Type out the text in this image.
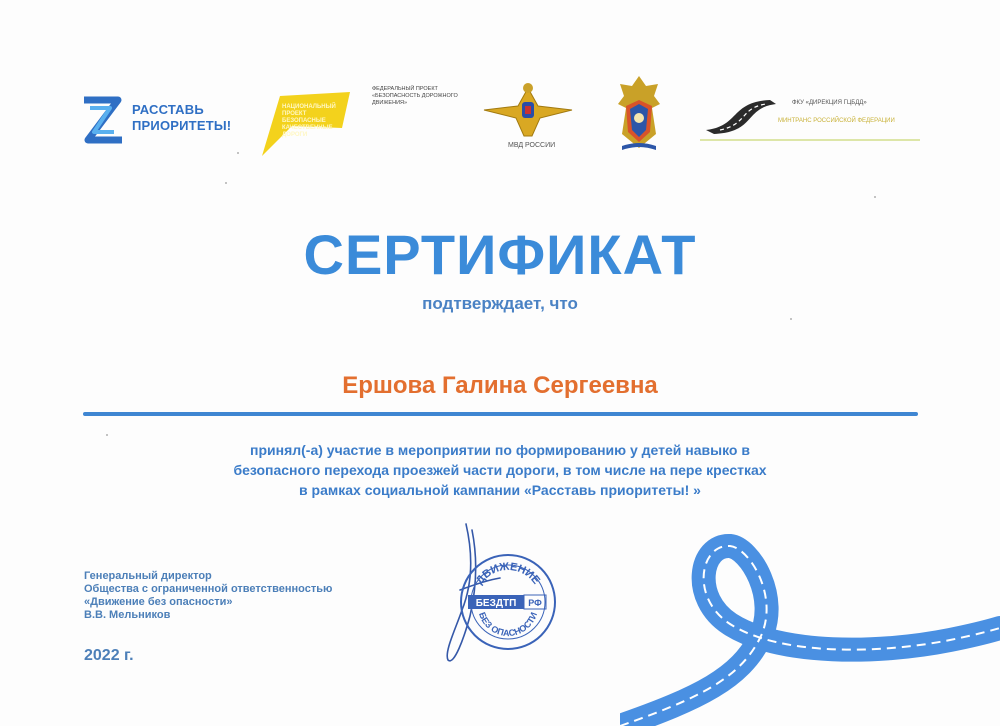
РАССТАВЬ
ПРИОРИТЕТЫ!
НАЦИОНАЛЬНЫЙ ПРОЕКТ
БЕЗОПАСНЫЕ
КАЧЕСТВЕННЫЕ
ДОРОГИ
ФЕДЕРАЛЬНЫЙ ПРОЕКТ
«БЕЗОПАСНОСТЬ ДОРОЖНОГО
ДВИЖЕНИЯ»
МВД РОССИИ
ФКУ «ДИРЕКЦИЯ ГЦБДД»
МИНТРАНС РОССИЙСКОЙ ФЕДЕРАЦИИ
СЕРТИФИКАТ
подтверждает, что
Ершова Галина Сергеевна
принял(-а) участие в мероприятии по формированию у детей навыко в
безопасного перехода проезжей части дороги, в том числе на пере крестках
в рамках социальной кампании «Расставь приоритеты! »
Генеральный директор
Общества с ограниченной ответственностью
«Движение без опасности»
В.В. Мельников
2022 г.
ДВИЖЕНИЕ
БЕЗДТП РФ
БЕЗ ОПАСНОСТИ
